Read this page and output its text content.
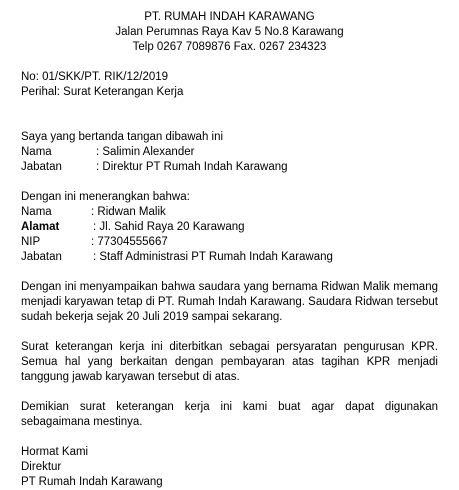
PT. RUMAH INDAH KARAWANG
Jalan Perumnas Raya Kav 5 No.8 Karawang
Telp 0267 7089876 Fax. 0267 234323
No: 01/SKK/PT. RIK/12/2019
Perihal: Surat Keterangan Kerja
Saya yang bertanda tangan dibawah ini
Nama	: Salimin Alexander
Jabatan	: Direktur PT Rumah Indah Karawang
Dengan ini menerangkan bahwa:
Nama	: Ridwan Malik
Alamat	: Jl. Sahid Raya 20 Karawang
NIP	: 77304555667
Jabatan	: Staff Administrasi PT Rumah Indah Karawang

Dengan ini menyampaikan bahwa saudara yang bernama Ridwan Malik memang menjadi karyawan tetap di PT. Rumah Indah Karawang. Saudara Ridwan tersebut sudah bekerja sejak 20 Juli 2019 sampai sekarang.

Surat keterangan kerja ini diterbitkan sebagai persyaratan pengurusan KPR. Semua hal yang berkaitan dengan pembayaran atas tagihan KPR menjadi tanggung jawab karyawan tersebut di atas.

Demikian surat keterangan kerja ini kami buat agar dapat digunakan sebagaimana mestinya.

Hormat Kami
Direktur
PT Rumah Indah Karawang
